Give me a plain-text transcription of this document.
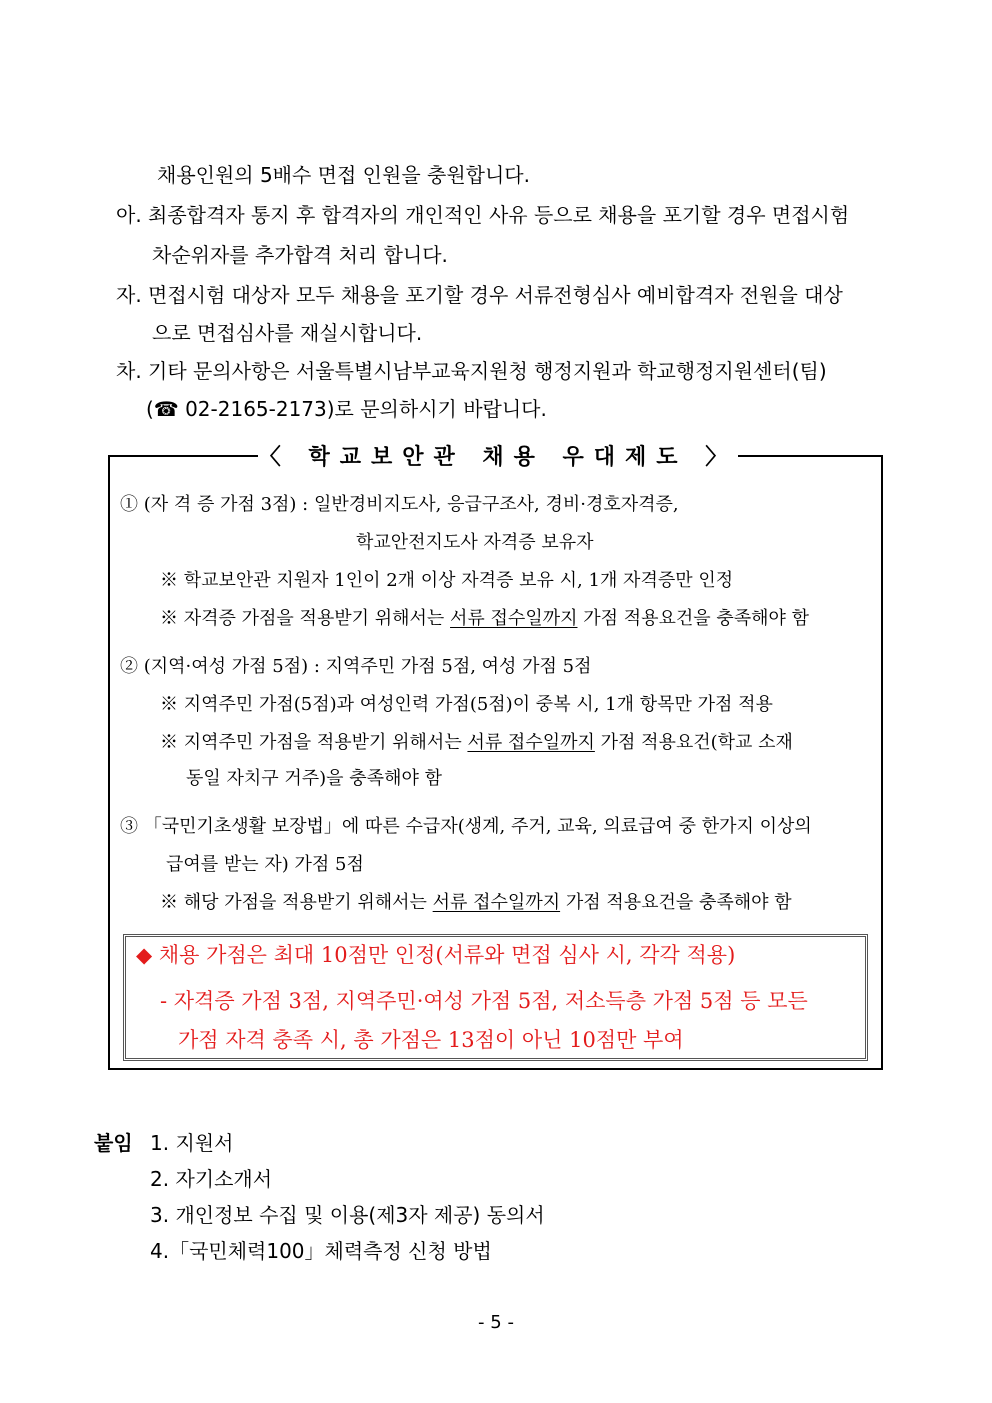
채용인원의 5배수 면접 인원을 충원합니다.
아. 최종합격자 통지 후 합격자의 개인적인 사유 등으로 채용을 포기할 경우 면접시험
차순위자를 추가합격 처리 합니다.
자. 면접시험 대상자 모두 채용을 포기할 경우 서류전형심사 예비합격자 전원을 대상
으로 면접심사를 재실시합니다.
차. 기타 문의사항은 서울특별시남부교육지원청 행정지원과 학교행정지원센터(팀)
(☎ 02-2165-2173)로 문의하시기 바랍니다.
〈 학교보안관 채용 우대제도 〉
① (자 격 증 가점 3점) : 일반경비지도사, 응급구조사, 경비·경호자격증,
학교안전지도사 자격증 보유자
※ 학교보안관 지원자 1인이 2개 이상 자격증 보유 시, 1개 자격증만 인정
※ 자격증 가점을 적용받기 위해서는 서류 접수일까지 가점 적용요건을 충족해야 함
② (지역·여성 가점 5점) : 지역주민 가점 5점, 여성 가점 5점
※ 지역주민 가점(5점)과 여성인력 가점(5점)이 중복 시, 1개 항목만 가점 적용
※ 지역주민 가점을 적용받기 위해서는 서류 접수일까지 가점 적용요건(학교 소재
동일 자치구 거주)을 충족해야 함
③ 「국민기초생활 보장법」에 따른 수급자(생계, 주거, 교육, 의료급여 중 한가지 이상의
급여를 받는 자) 가점 5점
※ 해당 가점을 적용받기 위해서는 서류 접수일까지 가점 적용요건을 충족해야 함
◆ 채용 가점은 최대 10점만 인정(서류와 면접 심사 시, 각각 적용)
- 자격증 가점 3점, 지역주민·여성 가점 5점, 저소득층 가점 5점 등 모든
가점 자격 충족 시, 총 가점은 13점이 아닌 10점만 부여
붙임 1. 지원서
2. 자기소개서
3. 개인정보 수집 및 이용(제3자 제공) 동의서
4.「국민체력100」체력측정 신청 방법
- 5 -
